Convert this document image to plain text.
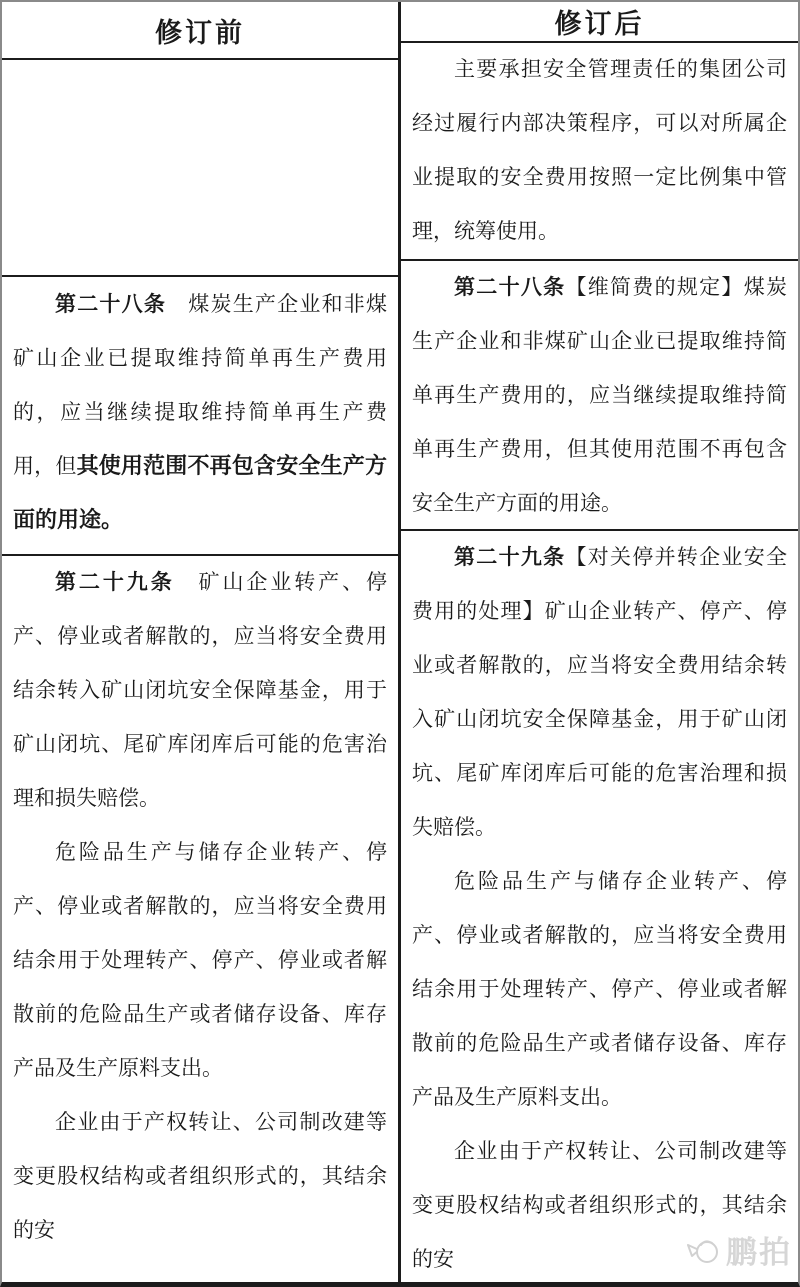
修订前

第二十八条　煤炭生产企业和非煤矿山企业已提取维持简单再生产费用的，应当继续提取维持简单再生产费用，但其使用范围不再包含安全生产方面的用途。

第二十九条　矿山企业转产、停产、停业或者解散的，应当将安全费用结余转入矿山闭坑安全保障基金，用于矿山闭坑、尾矿库闭库后可能的危害治理和损失赔偿。

危险品生产与储存企业转产、停产、停业或者解散的，应当将安全费用结余用于处理转产、停产、停业或者解散前的危险品生产或者储存设备、库存产品及生产原料支出。

企业由于产权转让、公司制改建等变更股权结构或者组织形式的，其结余的安

修订后

主要承担安全管理责任的集团公司经过履行内部决策程序，可以对所属企业提取的安全费用按照一定比例集中管理，统筹使用。

第二十八条【维简费的规定】煤炭生产企业和非煤矿山企业已提取维持简单再生产费用的，应当继续提取维持简单再生产费用，但其使用范围不再包含安全生产方面的用途。

第二十九条【对关停并转企业安全费用的处理】矿山企业转产、停产、停业或者解散的，应当将安全费用结余转入矿山闭坑安全保障基金，用于矿山闭坑、尾矿库闭库后可能的危害治理和损失赔偿。

危险品生产与储存企业转产、停产、停业或者解散的，应当将安全费用结余用于处理转产、停产、停业或者解散前的危险品生产或者储存设备、库存产品及生产原料支出。

企业由于产权转让、公司制改建等变更股权结构或者组织形式的，其结余的安	鹏拍
